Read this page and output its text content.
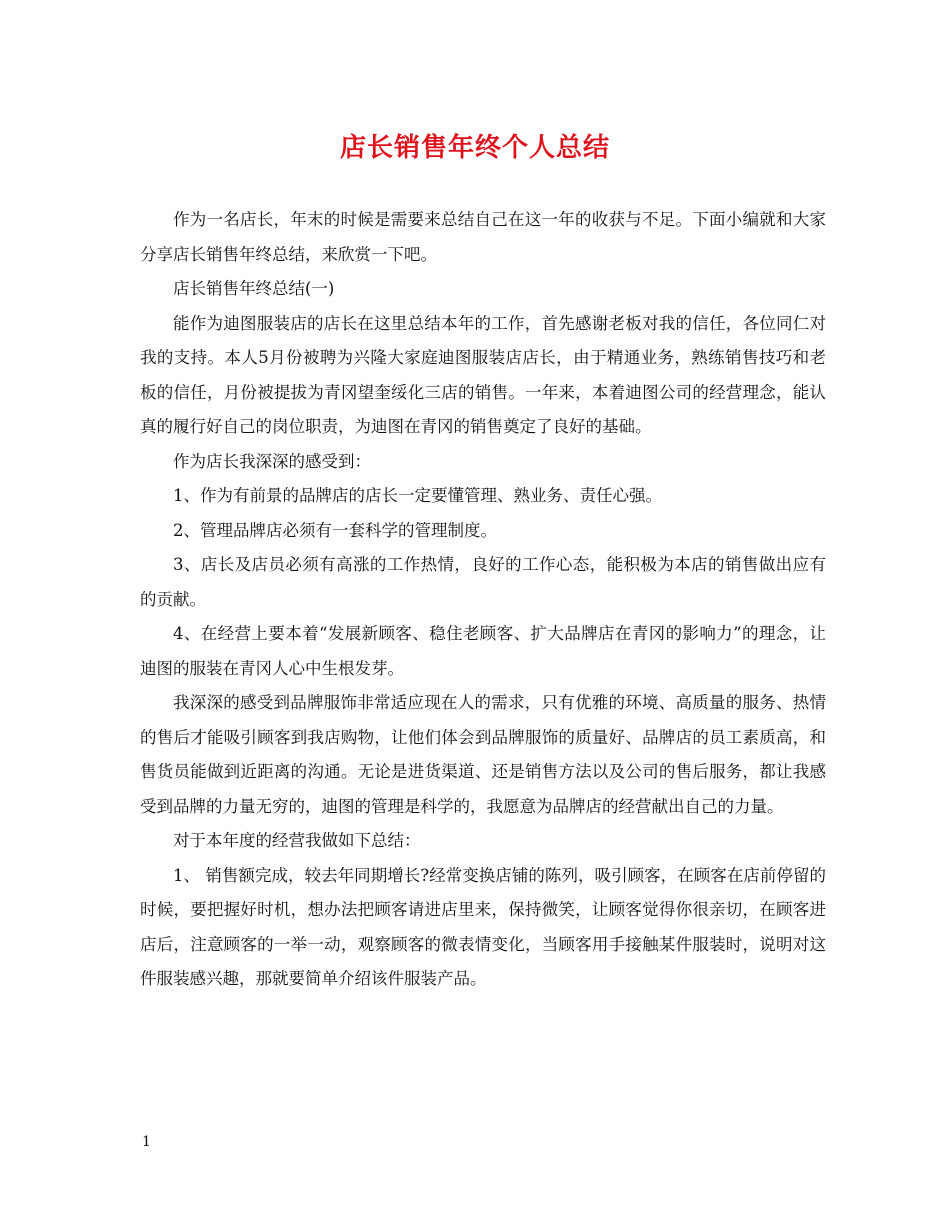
店长销售年终个人总结

作为一名店长，年末的时候是需要来总结自己在这一年的收获与不足。下面小编就和大家分享店长销售年终总结，来欣赏一下吧。

店长销售年终总结(一)

能作为迪图服装店的店长在这里总结本年的工作，首先感谢老板对我的信任，各位同仁对我的支持。本人5月份被聘为兴隆大家庭迪图服装店店长，由于精通业务，熟练销售技巧和老板的信任，月份被提拔为青冈望奎绥化三店的销售。一年来，本着迪图公司的经营理念，能认真的履行好自己的岗位职责，为迪图在青冈的销售奠定了良好的基础。

作为店长我深深的感受到：

1、作为有前景的品牌店的店长一定要懂管理、熟业务、责任心强。

2、管理品牌店必须有一套科学的管理制度。

3、店长及店员必须有高涨的工作热情，良好的工作心态，能积极为本店的销售做出应有的贡献。

4、在经营上要本着“发展新顾客、稳住老顾客、扩大品牌店在青冈的影响力”的理念，让迪图的服装在青冈人心中生根发芽。

我深深的感受到品牌服饰非常适应现在人的需求，只有优雅的环境、高质量的服务、热情的售后才能吸引顾客到我店购物，让他们体会到品牌服饰的质量好、品牌店的员工素质高，和售货员能做到近距离的沟通。无论是进货渠道、还是销售方法以及公司的售后服务，都让我感受到品牌的力量无穷的，迪图的管理是科学的，我愿意为品牌店的经营献出自己的力量。

对于本年度的经营我做如下总结：

1、 销售额完成，较去年同期增长?经常变换店铺的陈列，吸引顾客，在顾客在店前停留的时候，要把握好时机，想办法把顾客请进店里来，保持微笑，让顾客觉得你很亲切，在顾客进店后，注意顾客的一举一动，观察顾客的微表情变化，当顾客用手接触某件服装时，说明对这件服装感兴趣，那就要简单介绍该件服装产品。

1
